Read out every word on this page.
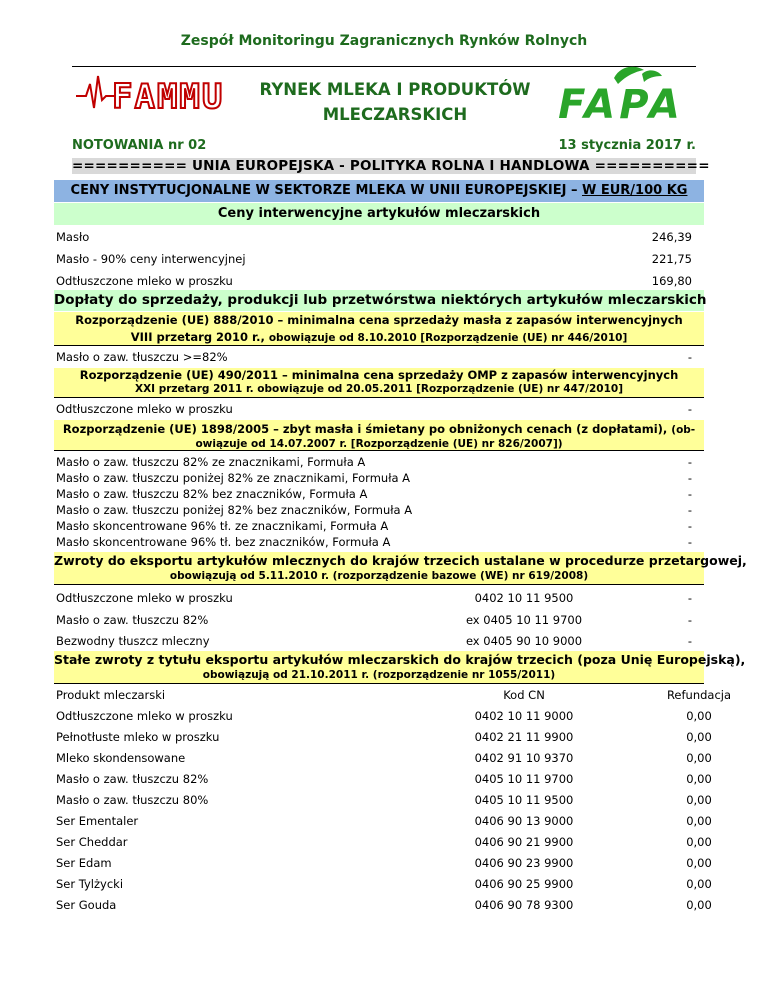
Zespół Monitoringu Zagranicznych Rynków Rolnych
FAMMU	RYNEK MLEKA I PRODUKTÓW
MLECZARSKICH	FAPA
NOTOWANIA nr 02	13 stycznia 2017 r.
========== UNIA EUROPEJSKA - POLITYKA ROLNA I HANDLOWA ==========
CENY INSTYTUCJONALNE W SEKTORZE MLEKA W UNII EUROPEJSKIEJ – W EUR/100 KG
Ceny interwencyjne artykułów mleczarskich
Masło	246,39
Masło - 90% ceny interwencyjnej	221,75
Odtłuszczone mleko w proszku	169,80
Dopłaty do sprzedaży, produkcji lub przetwórstwa niektórych artykułów mleczarskich
Rozporządzenie (UE) 888/2010 – minimalna cena sprzedaży masła z zapasów interwencyjnych
VIII przetarg 2010 r., obowiązuje od 8.10.2010 [Rozporządzenie (UE) nr 446/2010]
Masło o zaw. tłuszczu >=82%	-
Rozporządzenie (UE) 490/2011 – minimalna cena sprzedaży OMP z zapasów interwencyjnych
XXI przetarg 2011 r. obowiązuje od 20.05.2011 [Rozporządzenie (UE) nr 447/2010]
Odtłuszczone mleko w proszku	-
Rozporządzenie (UE) 1898/2005 – zbyt masła i śmietany po obniżonych cenach (z dopłatami), (ob-
owiązuje od 14.07.2007 r. [Rozporządzenie (UE) nr 826/2007])
Masło o zaw. tłuszczu 82% ze znacznikami, Formuła A	-
Masło o zaw. tłuszczu poniżej 82% ze znacznikami, Formuła A	-
Masło o zaw. tłuszczu 82% bez znaczników, Formuła A	-
Masło o zaw. tłuszczu poniżej 82% bez znaczników, Formuła A	-
Masło skoncentrowane 96% tł. ze znacznikami, Formuła A	-
Masło skoncentrowane 96% tł. bez znaczników, Formuła A	-
Zwroty do eksportu artykułów mlecznych do krajów trzecich ustalane w procedurze przetargowej,
obowiązują od 5.11.2010 r. (rozporządzenie bazowe (WE) nr 619/2008)
Odtłuszczone mleko w proszku	0402 10 11 9500	-
Masło o zaw. tłuszczu 82%	ex 0405 10 11 9700	-
Bezwodny tłuszcz mleczny	ex 0405 90 10 9000	-
Stałe zwroty z tytułu eksportu artykułów mleczarskich do krajów trzecich (poza Unię Europejską),
obowiązują od 21.10.2011 r. (rozporządzenie nr 1055/2011)
Produkt mleczarski	Kod CN	Refundacja
Odtłuszczone mleko w proszku	0402 10 11 9000	0,00
Pełnotłuste mleko w proszku	0402 21 11 9900	0,00
Mleko skondensowane	0402 91 10 9370	0,00
Masło o zaw. tłuszczu 82%	0405 10 11 9700	0,00
Masło o zaw. tłuszczu 80%	0405 10 11 9500	0,00
Ser Ementaler	0406 90 13 9000	0,00
Ser Cheddar	0406 90 21 9900	0,00
Ser Edam	0406 90 23 9900	0,00
Ser Tylżycki	0406 90 25 9900	0,00
Ser Gouda	0406 90 78 9300	0,00
